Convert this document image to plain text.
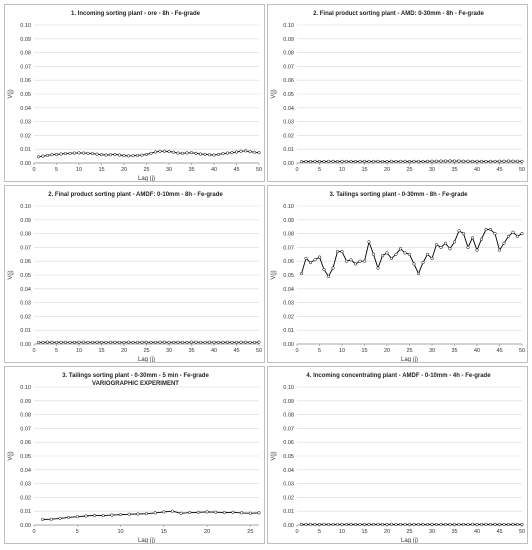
1. Incoming sorting plant - ore - 8h - Fe-grade
0.00
0.01
0.02
0.03
0.04
0.05
0.06
0.07
0.08
0.09
0.10
0	5	10	15	20	25	30	35	40	45	50
Lag (j)
V(j)
2. Final product sorting plant - AMD: 0-30mm - 8h - Fe-grade
0.00
0.01
0.02
0.03
0.04
0.05
0.06
0.07
0.08
0.09
0.10
0	5	10	15	20	25	30	35	40	45	50
V(j)
2. Final product sorting plant - AMDF: 0-10mm - 8h - Fe-grade
0.00
0.01
0.02
0.03
0.04
0.05
0.06
0.07
0.08
0.09
0.10
0	5	10	15	20	25	30	35	40	45	50
Lag (j)
V(j)
3. Tailings sorting plant - 0-30mm - 8h - Fe-grade
0.00
0.01
0.02
0.03
0.04
0.05
0.06
0.07
0.08
0.09
0.10
0	5	10	15	20	25	30	35	40	45	50
Lag (j)
V(j)
3. Tailings sorting plant - 0-30mm - 5 min - Fe-grade
VARIOGRAPHIC EXPERIMENT
0.00
0.01
0.02
0.03
0.04
0.05
0.06
0.07
0.08
0.09
0.10
0	5	10	15	20	25
Lag (j)
V(j)
4. Incoming concentrating plant - AMDF - 0-10mm - 4h - Fe-grade
0.00
0.01
0.02
0.03
0.04
0.05
0.06
0.07
0.08
0.09
0.10
0	5	10	15	20	25	30	35	40	45	50
Lag (j)
V(j)
